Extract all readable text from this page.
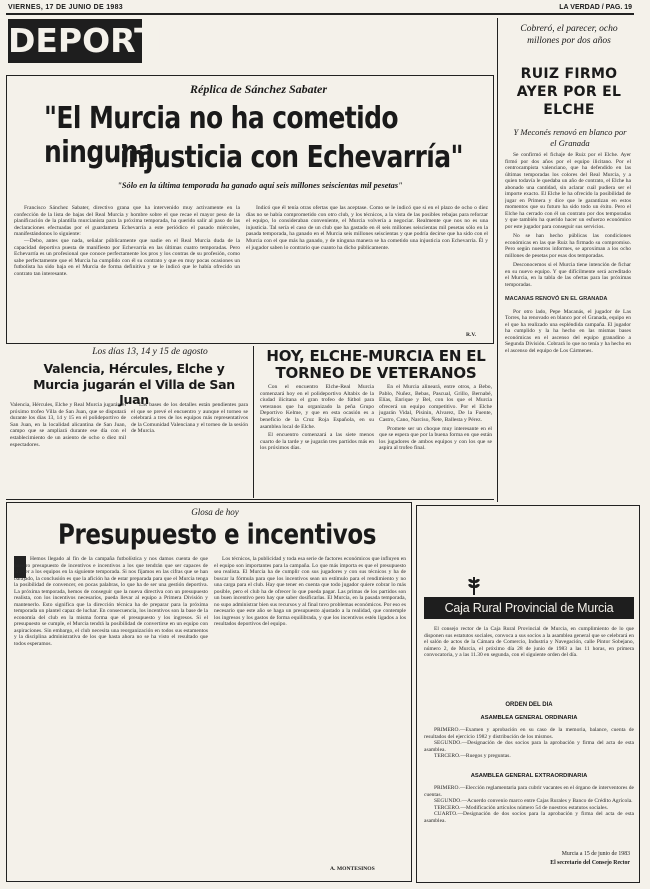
VIERNES, 17 DE JUNIO DE 1983	LA VERDAD / PAG. 19
DEPORTES
Réplica de Sánchez Sabater
"El Murcia no ha cometido ninguna
injusticia con Echevarría"
"Sólo en la última temporada ha ganado aquí seis millones seiscientas mil pesetas"

Francisco Sánchez Sabater, directivo grana que ha intervenido muy activamente en la confección de la lista de bajas del Real Murcia y hombre sobre el que recae el mayor peso de la planificación de la plantilla murcianista para la próxima temporada, ha querido salir al paso de las declaraciones efectuadas por el guardameta Echevarría a este periódico el pasado miércoles, manifestándonos lo siguiente:

—Debo, antes que nada, señalar públicamente que nadie en el Real Murcia duda de la capacidad deportiva puesta de manifiesto por Echevarría en las últimas cuatro temporadas. Pero Echevarría es un profesional que conoce perfectamente los pros y los contras de su profesión, como sabe perfectamente que el Murcia ha cumplido con él su contrato y que en muy pocas ocasiones un futbolista ha sido baja en el Murcia de forma definitiva y se le indicó que le había ofrecido un contrato tan interesante.

Indicó que él tenía otras ofertas que las aceptase. Como se le indicó que si en el plazo de ocho o diez días no se había comprometido con otro club, y los técnicos, a la vista de las posibles rebajas para reforzar el equipo, lo consideraban conveniente, el Murcia volvería a negociar. Realmente que nos no es una injusticia. Tal sería el caso de un club que ha gastado en él seis millones seiscientas mil pesetas sólo en la pasada temporada, ha ganado en el Murcia seis millones seiscientas y que podría decirse que ha sido con el Murcia con el que más ha ganado, y de ninguna manera se ha cometido una injusticia con Echevarría. Él y el jugador saben lo contrario que cuanto ha dicho públicamente.

R.V.
Cobreró, el parecer, ocho millones por dos años
RUIZ FIRMO AYER POR EL ELCHE
Y Meconés renovó en blanco por el Granada

Se confirmó el fichaje de Ruiz por el Elche. Ayer firmó por dos años por el equipo ilicitano. Por el centrocampista valenciano, que ha defendido en las últimas temporadas los colores del Real Murcia, y a quien todavía le quedaba un año de contrato, el Elche ha abonado una cantidad, sin aclarar cuál pudiera ser el importe exacto. El Elche le ha ofrecido la posibilidad de jugar en Primera y dice que le garantizan en estos momentos que su futuro ha sido todo un éxito. Pero el Elche ha cerrado con él un contrato por dos temporadas y que también ha querido hacer un esfuerzo económico por este jugador para conseguir sus servicios.

No se han hecho públicas las condiciones económicas en las que Ruiz ha firmado su compromiso. Pero según nuestros informes, se aproximan a los ocho millones de pesetas por esas dos temporadas.

Desconocemos si el Murcia tiene intención de fichar en su nuevo equipo. Y que difícilmente será acreditado el Murcia, en la tabla de las ofertas para las próximas temporadas.

MACANAS RENOVÓ EN EL GRANADA

Por otro lado, Pepe Macanás, el jugador de Las Torres, ha renovado en blanco por el Granada, equipo en el que ha realizado una espléndida campaña. El jugador ha cumplido y la ha hecho en las mismas bases económicas en el ascenso del equipo granadino a Segunda División. Cobrará lo que no tenía y ha hecho en el ascenso del equipo de Los Cármenes.

Los días 13, 14 y 15 de agosto
Valencia, Hércules, Elche y Murcia jugarán el Villa de San Juan

Valencia, Hércules, Elche y Real Murcia jugarán el próximo trofeo Villa de San Juan, que se disputará durante los días 13, 14 y 15 en el polideportivo de San Juan, en la localidad alicantina de San Juan, campo que se ampliará durante ese día con el establecimiento de un asiento de ocho o diez mil espectadores.

Las bases de los detalles están pendientes para el que se prevé el encuentro y aunque el torneo se celebrará a tres de los equipos más representativos de la Comunidad Valenciana y el torneo de la sesión de Murcia.

HOY, ELCHE-MURCIA EN EL TORNEO DE VETERANOS

Con el encuentro Elche-Real Murcia comenzará hoy en el polideportivo Altabix de la ciudad ilicitana el gran trofeo de fútbol para veteranos que ha organizado la peña Grupo Deportivo Kelme, y que en esta ocasión es a beneficio de la Cruz Roja Española, en su asamblea local de Elche.

El encuentro comenzará a las siete menos cuarto de la tarde y se jugarán tres partidos más en los próximos días.

En el Murcia alineará, entre otros, a Bebo, Pablo, Nuñez, Bebas, Pascual, Grillo, Bernabé, Elías, Enrique y Bel, con los que el Murcia ofrecerá un equipo competitivo. Por el Elche jugarán Vidal, Pisinin, Alvarez, De la Fuente, Castro, Cano, Narciso, Ñete, Ballesta y Pérez.

Promete ser un choque muy interesante en el que se espera que por la buena forma en que están los jugadores de ambos equipos y con los que se aspira al trofeo final.

Glosa de hoy
Presupuesto e incentivos

Hemos llegado al fin de la campaña futbolística y nos damos cuenta de que nuestro presupuesto de incentivos e incentivos a los que tendrán que ser capaces de ofrecer a los equipos en la siguiente temporada. Si nos fijamos en las cifras que se han barajado, la conclusión es que la afición ha de estar preparada para que el Murcia tenga la posibilidad de convencer, en pocas palabras, lo que ha de ser una gestión deportiva. La próxima temporada, hemos de conseguir que la nueva directiva con un presupuesto realista, con los incentivos necesarios, pueda llevar al equipo a Primera División y mantenerlo. Esto significa que la dirección técnica ha de preparar para la próxima temporada un plantel capaz de luchar. En consecuencia, los incentivos son la base de la economía del club en la misma forma que el presupuesto y los ingresos. Si el presupuesto se cumple, el Murcia tendrá la posibilidad de convertirse en un equipo con aspiraciones. Sin embargo, el club necesita una reorganización en todos sus estamentos y la disciplina administrativa de los que hasta ahora no se ha visto el resultado que todos esperamos.

Los técnicos, la publicidad y toda esa serie de factores económicos que influyen en el equipo son importantes para la campaña. Lo que más importa es que el presupuesto sea realista. El Murcia ha de cumplir con sus jugadores y con sus técnicos y ha de buscar la fórmula para que los incentivos sean un estímulo para el rendimiento y no una carga para el club. Hay que tener en cuenta que todo jugador quiere cobrar lo más posible, pero el club ha de ofrecer lo que pueda pagar. Las primas de los partidos son un buen incentivo pero hay que saber dosificarlas. El Murcia, en la pasada temporada, no supo administrar bien sus recursos y al final tuvo problemas económicos. Por eso es necesario que este año se haga un presupuesto ajustado a la realidad, que contemple los ingresos y los gastos de forma equilibrada, y que los incentivos estén ligados a los resultados deportivos del equipo.

A. MONTESINOS
Caja Rural Provincial de Murcia

El consejo rector de la Caja Rural Provincial de Murcia, en cumplimiento de lo que disponen sus estatutos sociales, convoca a sus socios a la asamblea general que se celebrará en el salón de actos de la Cámara de Comercio, Industria y Navegación, calle Pintor Sobejano, número 2, de Murcia, el próximo día 28 de junio de 1983 a las 11 horas, en primera convocatoria, y a las 11.30 en segunda, con el siguiente orden del día.

ORDEN DEL DIA
ASAMBLEA GENERAL ORDINARIA

PRIMERO.—Examen y aprobación en su caso de la memoria, balance, cuenta de resultados del ejercicio 1982 y distribución de los mismos.

SEGUNDO.—Designación de dos socios para la aprobación y firma del acta de esta asamblea.

TERCERO.—Ruegos y preguntas.

ASAMBLEA GENERAL EXTRAORDINARIA

PRIMERO.—Elección reglamentaria para cubrir vacantes en el órgano de interventores de cuentas.

SEGUNDO.—Acuerdo convenio marco entre Cajas Rurales y Banco de Crédito Agrícola.

TERCERO.—Modificación artículos número 54 de nuestros estatutos sociales.

CUARTO.—Designación de dos socios para la aprobación y firma del acta de esta asamblea.

Murcia a 15 de junio de 1983
El secretario del Consejo Rector
